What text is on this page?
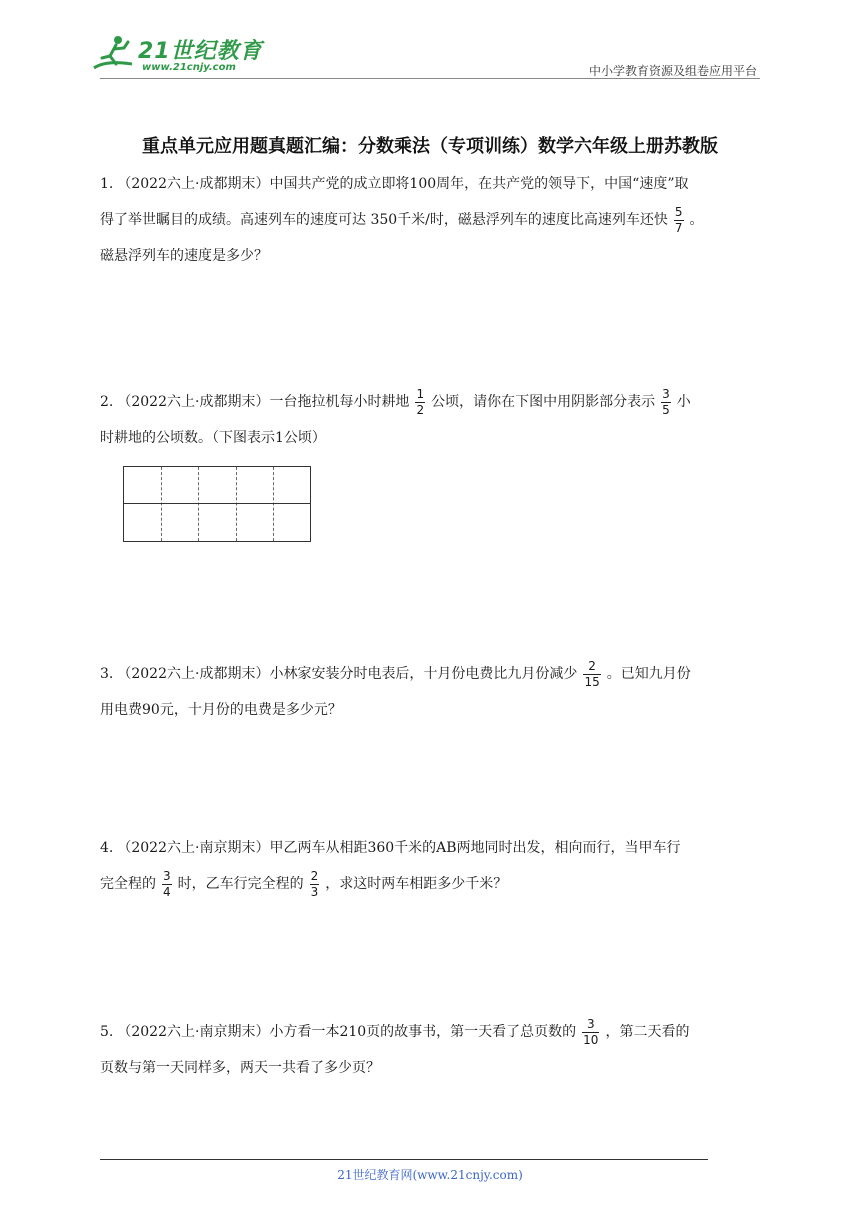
21世纪教育
www.21cnjy.com	中小学教育资源及组卷应用平台
重点单元应用题真题汇编：分数乘法（专项训练）数学六年级上册苏教版
1. （2022六上·成都期末）中国共产党的成立即将100周年，在共产党的领导下，中国“速度”取
得了举世瞩目的成绩。高速列车的速度可达 350千米/时，磁悬浮列车的速度比高速列车还快 $\frac{5}{7}$ 。
磁悬浮列车的速度是多少？
2. （2022六上·成都期末）一台拖拉机每小时耕地 $\frac{1}{2}$ 公顷，请你在下图中用阴影部分表示 $\frac{3}{5}$ 小
时耕地的公顷数。（下图表示1公顷）
3. （2022六上·成都期末）小林家安装分时电表后，十月份电费比九月份减少 $\frac{2}{15}$ 。已知九月份
用电费90元，十月份的电费是多少元？
4. （2022六上·南京期末）甲乙两车从相距360千米的AB两地同时出发，相向而行，当甲车行
完全程的 $\frac{3}{4}$ 时，乙车行完全程的 $\frac{2}{3}$ ，求这时两车相距多少千米？
5. （2022六上·南京期末）小方看一本210页的故事书，第一天看了总页数的 $\frac{3}{10}$ ，第二天看的
页数与第一天同样多，两天一共看了多少页？
21世纪教育网(www.21cnjy.com)
